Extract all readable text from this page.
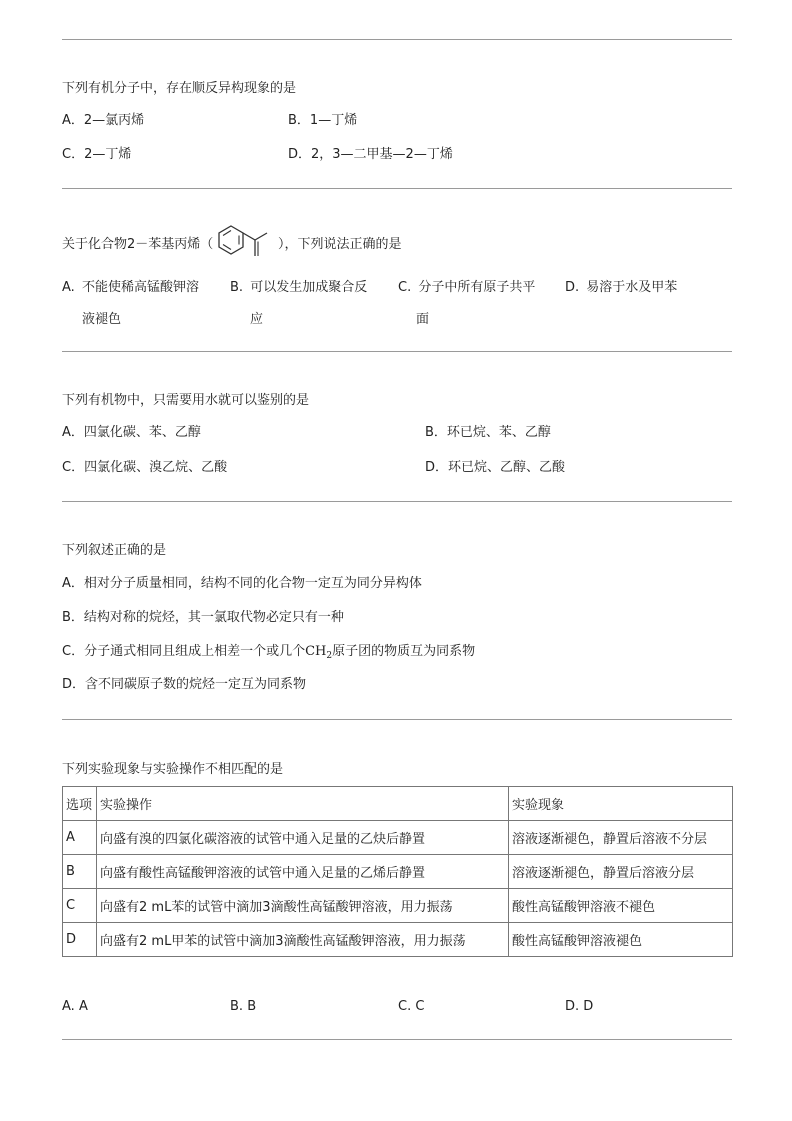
下列有机分子中，存在顺反异构现象的是
A．2—氯丙烯	B．1—丁烯
C．2—丁烯	D．2，3—二甲基—2—丁烯
关于化合物2－苯基丙烯（	），下列说法正确的是
A. 不能使稀高锰酸钾溶
液褪色
B. 可以发生加成聚合反
应
C. 分子中所有原子共平
面
D. 易溶于水及甲苯
下列有机物中，只需要用水就可以鉴别的是
A．四氯化碳、苯、乙醇	B．环已烷、苯、乙醇
C．四氯化碳、溴乙烷、乙酸	D．环已烷、乙醇、乙酸
下列叙述正确的是
A．相对分子质量相同，结构不同的化合物一定互为同分异构体
B．结构对称的烷烃，其一氯取代物必定只有一种
C．分子通式相同且组成上相差一个或几个$CH_2$原子团的物质互为同系物
D．含不同碳原子数的烷烃一定互为同系物
下列实验现象与实验操作不相匹配的是
选项	实验操作	实验现象
A	向盛有溴的四氯化碳溶液的试管中通入足量的乙炔后静置	溶液逐渐褪色，静置后溶液不分层
B	向盛有酸性高锰酸钾溶液的试管中通入足量的乙烯后静置	溶液逐渐褪色，静置后溶液分层
C	向盛有2 mL苯的试管中滴加3滴酸性高锰酸钾溶液，用力振荡	酸性高锰酸钾溶液不褪色
D	向盛有2 mL甲苯的试管中滴加3滴酸性高锰酸钾溶液，用力振荡	酸性高锰酸钾溶液褪色
A. A	B. B	C. C	D. D
